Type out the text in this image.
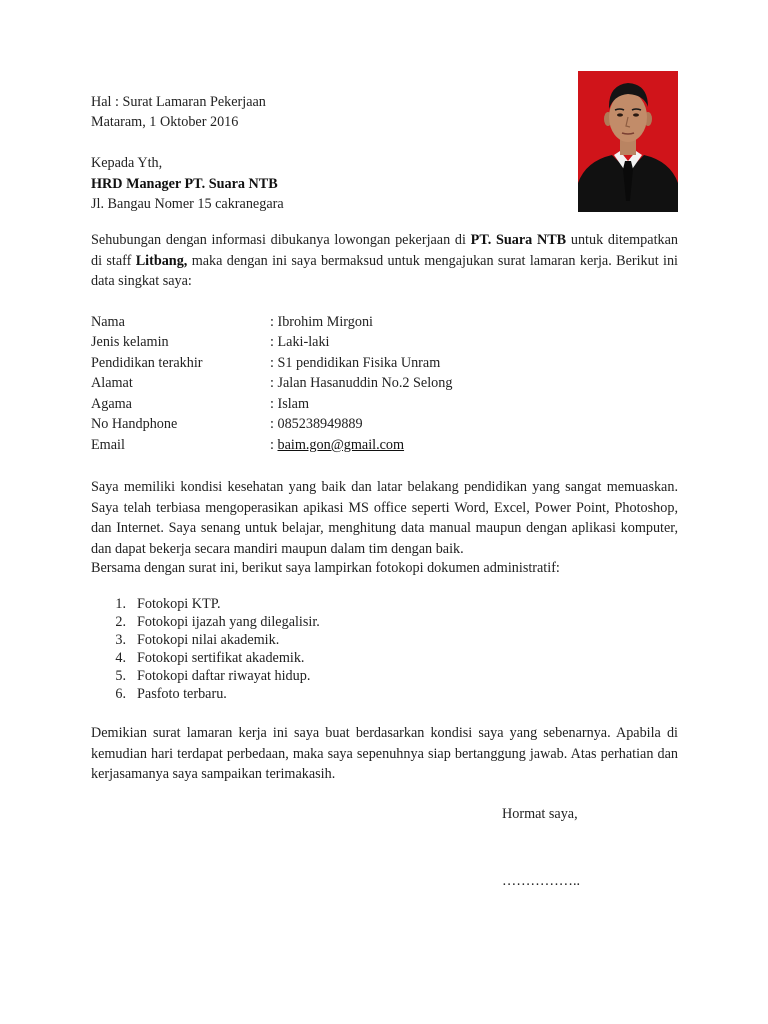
Hal : Surat Lamaran Pekerjaan
Mataram, 1 Oktober 2016
Kepada Yth,
HRD Manager PT. Suara NTB
Jl. Bangau Nomer 15 cakranegara

Sehubungan dengan informasi dibukanya lowongan pekerjaan di PT. Suara NTB untuk ditempatkan di staff Litbang, maka dengan ini saya bermaksud untuk mengajukan surat lamaran kerja. Berikut ini data singkat saya:

Nama	: Ibrohim Mirgoni
Jenis kelamin	: Laki-laki
Pendidikan terakhir	: S1 pendidikan Fisika Unram
Alamat	: Jalan Hasanuddin No.2 Selong
Agama	: Islam
No Handphone	: 085238949889
Email	: baim.gon@gmail.com

Saya memiliki kondisi kesehatan yang baik dan latar belakang pendidikan yang sangat memuaskan. Saya telah terbiasa mengoperasikan apikasi MS office seperti Word, Excel, Power Point, Photoshop, dan Internet. Saya senang untuk belajar, menghitung data manual maupun dengan aplikasi komputer, dan dapat bekerja secara mandiri maupun dalam tim dengan baik.

Bersama dengan surat ini, berikut saya lampirkan fotokopi dokumen administratif:
1. Fotokopi KTP.
2. Fotokopi ijazah yang dilegalisir.
3. Fotokopi nilai akademik.
4. Fotokopi sertifikat akademik.
5. Fotokopi daftar riwayat hidup.
6. Pasfoto terbaru.

Demikian surat lamaran kerja ini saya buat berdasarkan kondisi saya yang sebenarnya. Apabila di kemudian hari terdapat perbedaan, maka saya sepenuhnya siap bertanggung jawab. Atas perhatian dan kerjasamanya saya sampaikan terimakasih.

Hormat saya,
……………..
